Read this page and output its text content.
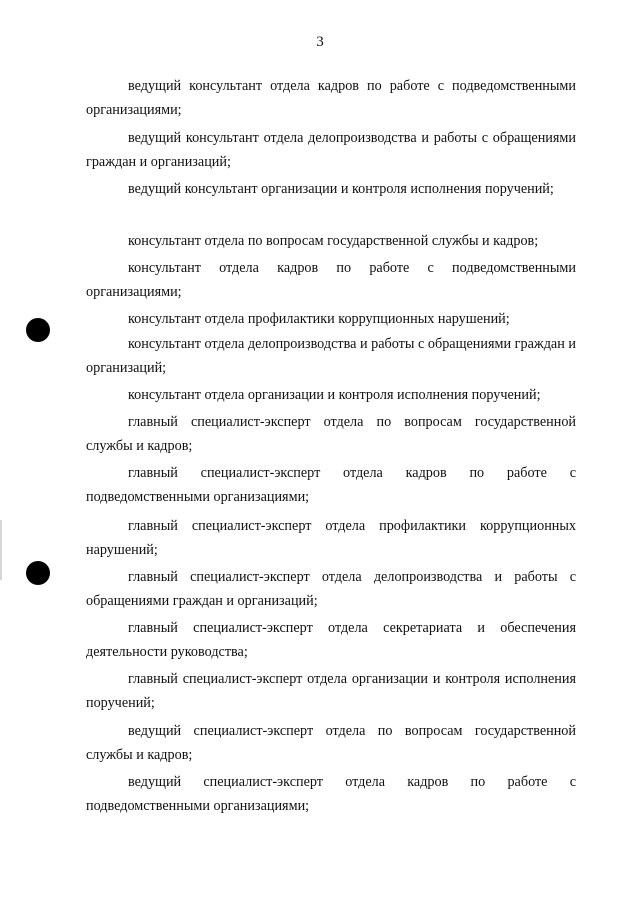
3

ведущий консультант отдела кадров по работе с подведомственными организациями;

ведущий консультант отдела делопроизводства и работы с обращениями граждан и организаций;

ведущий консультант организации и контроля исполнения поручений;

консультант отдела по вопросам государственной службы и кадров;

консультант отдела кадров по работе с подведомственными организациями;

консультант отдела профилактики коррупционных нарушений;

консультант отдела делопроизводства и работы с обращениями граждан и организаций;

консультант отдела организации и контроля исполнения поручений;

главный специалист-эксперт отдела по вопросам государственной службы и кадров;

главный специалист-эксперт отдела кадров по работе с подведомственными организациями;

главный специалист-эксперт отдела профилактики коррупционных нарушений;

главный специалист-эксперт отдела делопроизводства и работы с обращениями граждан и организаций;

главный специалист-эксперт отдела секретариата и обеспечения деятельности руководства;

главный специалист-эксперт отдела организации и контроля исполнения поручений;

ведущий специалист-эксперт отдела по вопросам государственной службы и кадров;

ведущий специалист-эксперт отдела кадров по работе с подведомственными организациями;
